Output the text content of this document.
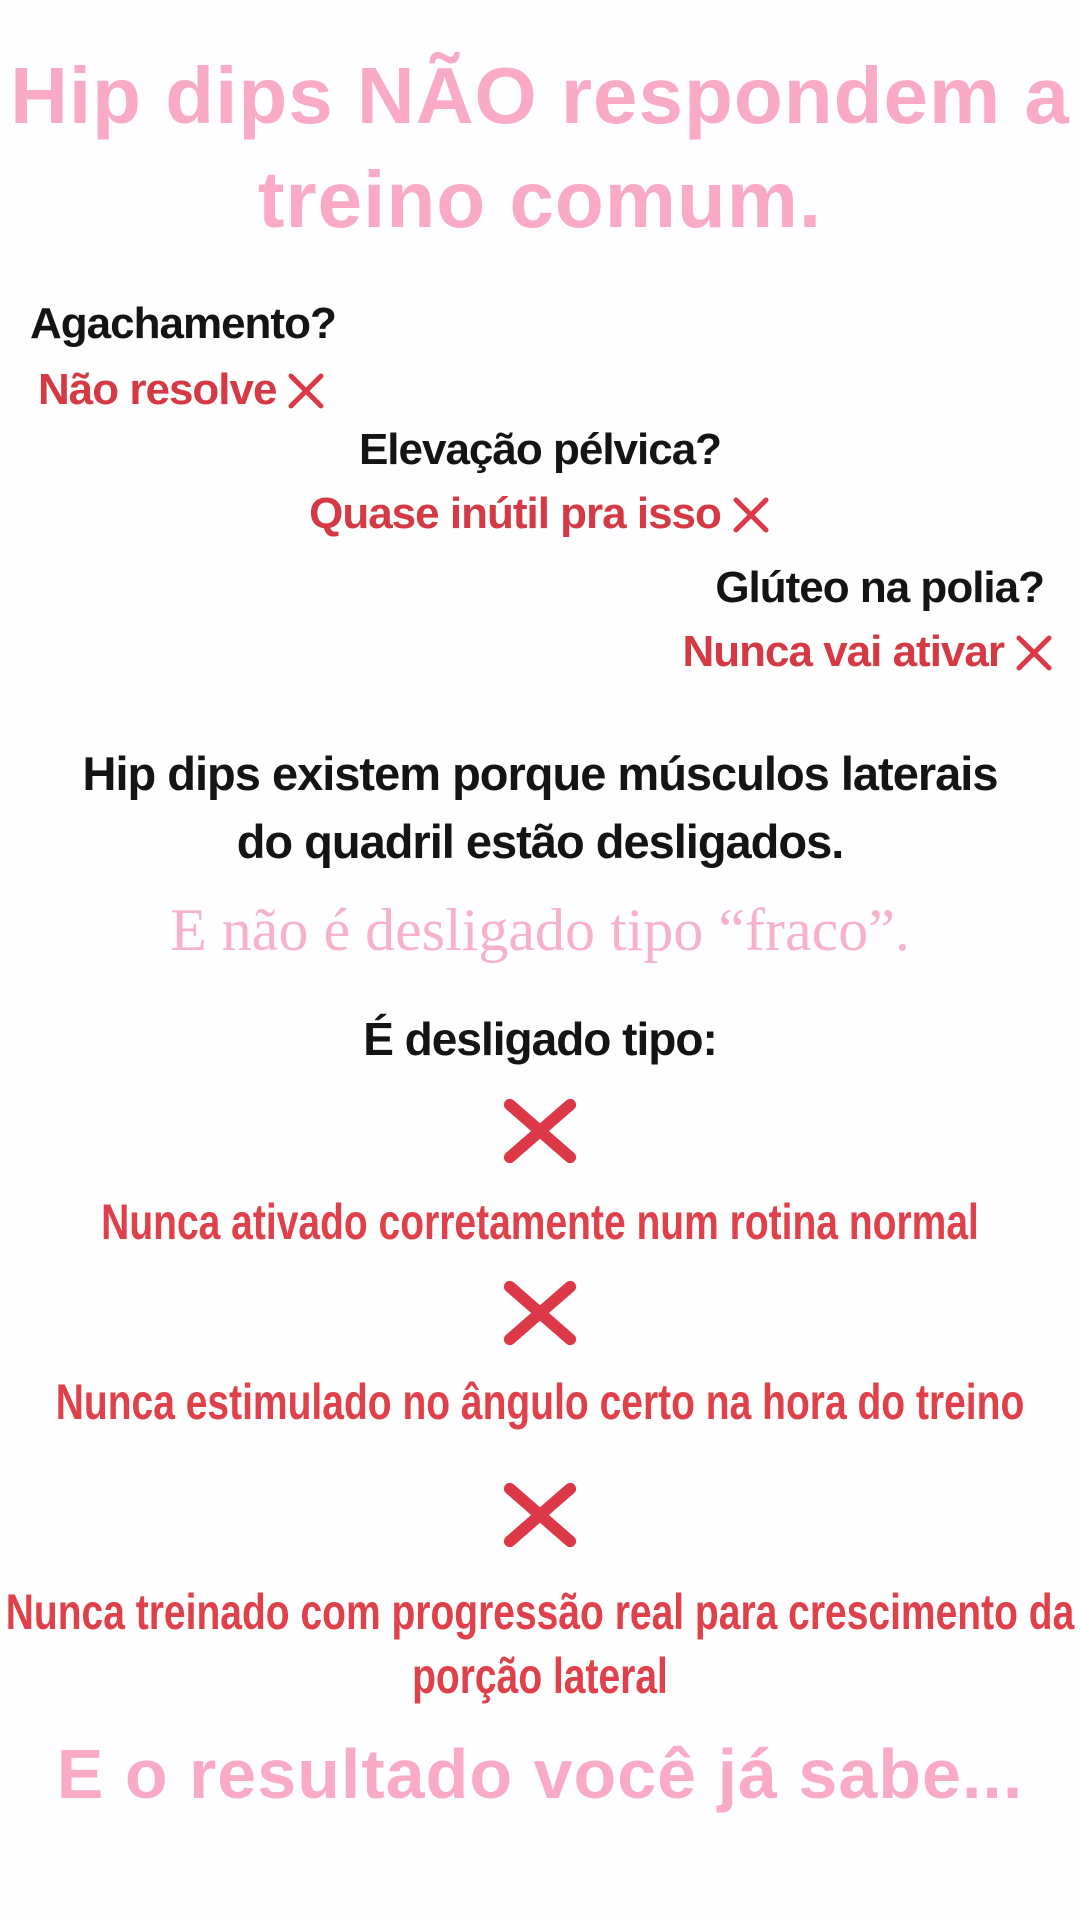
Hip dips NÃO respondem a
treino comum.
Agachamento?
Não resolve
Elevação pélvica?
Quase inútil pra isso
Glúteo na polia?
Nunca vai ativar
Hip dips existem porque músculos laterais
do quadril estão desligados.
E não é desligado tipo “fraco”.
É desligado tipo:
Nunca ativado corretamente num rotina normal
Nunca estimulado no ângulo certo na hora do treino
Nunca treinado com progressão real para crescimento da
porção lateral
E o resultado você já sabe...
